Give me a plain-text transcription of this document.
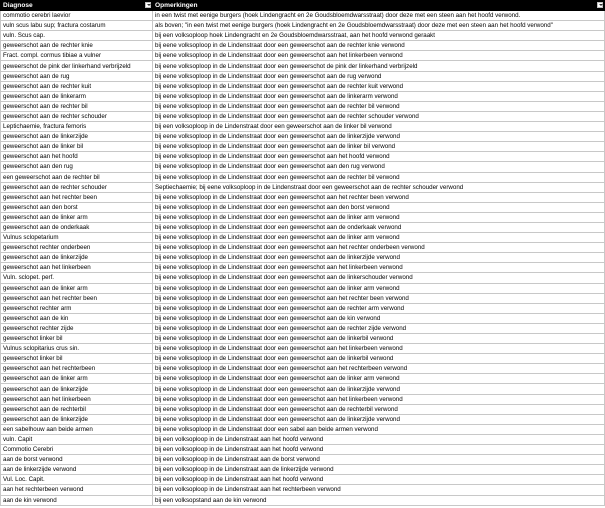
Diagnose	Opmerkingen

commotio cerebri laevior	in een twist met eenige burgers (hoek Lindengracht en 2e Goudsbloemdwarsstraat) door deze met een steen aan het hoofd verwond.
vuln scus labu sup; fractura costarum	als boven; "in een twist met eenige burgers (hoek Lindengracht en 2e Goudsbloemdwarsstraat) door deze met een steen aan het hoofd verwond"
vuln. Scus cap.	bij een volksoploop hoek Lindengracht en 2e Goudsbloemdwarsstraat, aan het hoofd verwond geraakt
geweerschot aan de rechter knie	bij eene volksoploop in de Lindenstraat door een geweerschot aan de rechter knie verwond
Fract. compl. cormus tibiae a vulner	bij eene volksoploop in de Lindenstraat door een geweerschot aan het linkerbeen verwond
geweerschot de pink der linkerhand verbrijzeld	bij eene volksoploop in de Lindenstraat door een geweerschot de pink der linkerhand verbrijzeld
geweerschot aan de rug	bij eene volksoploop in de Lindenstraat door een geweerschot aan de rug verwond
geweerschot aan de rechter kuit	bij eene volksoploop in de Lindenstraat door een geweerschot aan de rechter kuit verwond
geweerschot aan de linkerarm	bij eene volksoploop in de Lindenstraat door een geweerschot aan de linkerarm verwond
geweerschot aan de rechter bil	bij eene volksoploop in de Lindenstraat door een geweerschot aan de rechter bil verwond
geweerschot aan de rechter schouder	bij eene volksoploop in de Lindenstraat door een geweerschot aan de rechter schouder verwond
Leptichaemie, fractura femoris	bij een volksoploop in de Lindenstraat door een geweerschot aan de linker bil verwond
geweerschot aan de linkerzijde	bij eene volksoploop in de Lindenstraat door een geweerschot aan de linkerzijde verwond
geweerschot aan de linker bil	bij eene volksoploop in de Lindenstraat door een geweerschot aan de linker bil verwond
geweerschot aan het hoofd	bij eene volksoploop in de Lindenstraat door een geweerschot aan het hoofd verwond
geweerschot aan den rug	bij eene volksoploop in de Lindenstraat door een geweerschot aan den rug verwond
een geweerschot aan de rechter bil	bij eene volksoploop in de Lindenstraat door een geweerschot aan de rechter bil verwond
geweerschot aan de rechter schouder	Septiechaemie; bij eene volksoploop in de Lindenstraat door een geweerschot aan de rechter schouder verwond
geweerschot aan het rechter been	bij eene volksoploop in de Lindenstraat door een geweerschot aan het rechter been verwond
geweerschot aan den borst	bij eene volksoploop in de Lindenstraat door een geweerschot aan den borst verwond
geweerschot aan de linker arm	bij eene volksoploop in de Lindenstraat door een geweerschot aan de linker arm verwond
geweerschot aan de onderkaak	bij eene volksoploop in de Lindenstraat door een geweerschot aan de onderkaak verwond
Vulnus sclopetarium	bij eene volksoploop in de Lindenstraat door een geweerschot aan de linker arm verwond
geweerschot rechter onderbeen	bij eene volksoploop in de Lindenstraat door een geweerschot aan het rechter onderbeen verwond
geweerschot aan de linkerzijde	bij eene volksoploop in de Lindenstraat door een geweerschot aan de linkerzijde verwond
geweerschot aan het linkerbeen	bij eene volksoploop in de Lindenstraat door een geweerschot aan het linkerbeen verwond
Vuln. sclopet. perf.	bij eene volksoploop in de Lindenstraat door een geweerschot aan de linkerschouder verwond
geweerschot aan de linker arm	bij eene volksoploop in de Lindenstraat door een geweerschot aan de linker arm verwond
geweerschot aan het rechter been	bij eene volksoploop in de Lindenstraat door een geweerschot aan het rechter been verwond
geweerschot rechter arm	bij eene volksoploop in de Lindenstraat door een geweerschot aan de rechter arm verwond
geweerschot aan de kin	bij eene volksoploop in de Lindenstraat door een geweerschot aan de kin verwond
geweerschot rechter zijde	bij eene volksoploop in de Lindenstraat door een geweerschot aan de rechter zijde verwond
geweerschot linker bil	bij eene volksoploop in de Lindenstraat door een geweerschot aan de linkerbil verwond
Vulnus sclopitarius crus sin.	bij eene volksoploop in de Lindenstraat door een geweerschot aan het linkerbeen verwond
geweerschot linker bil	bij eene volksoploop in de Lindenstraat door een geweerschot aan de linkerbil verwond
geweerschot aan het rechterbeen	bij eene volksoploop in de Lindenstraat door een geweerschot aan het rechterbeen verwond
geweerschot aan de linker arm	bij eene volksoploop in de Lindenstraat door een geweerschot aan de linker arm verwond
geweerschot aan de linkerzijde	bij eene volksoploop in de Lindenstraat door een geweerschot aan de linkerzijde verwond
geweerschot aan het linkerbeen	bij eene volksoploop in de Lindenstraat door een geweerschot aan het linkerbeen verwond
geweerschot aan de rechterbil	bij eene volksoploop in de Lindenstraat door een geweerschot aan de rechterbil verwond
geweerschot aan de linkerzijde	bij eene volksoploop in de Lindenstraat door een geweerschot aan de linkerzijde verwond
een sabelhouw aan beide armen	bij eene volksoploop in de Lindenstraat door een sabel aan beide armen verwond
vuln. Capit	bij een volksoploop in de Lindenstraat aan het hoofd verwond
Commotio Cerebri	bij een volksoploop in de Lindenstraat aan het hoofd verwond
aan de borst verwond	bij een volksoploop in de Lindenstraat aan de borst verwond
aan de linkerzijde verwond	bij een volksoploop in de Lindenstraat aan de linkerzijde verwond
Vul. Loc. Capit.	bij een volksoploop in de Lindenstraat aan het hoofd verwond
aan het rechterbeen verwond	bij een volksoploop in de Lindenstraat aan het rechterbeen verwond
aan de kin verwond	bij een volksopstand aan de kin verwond
